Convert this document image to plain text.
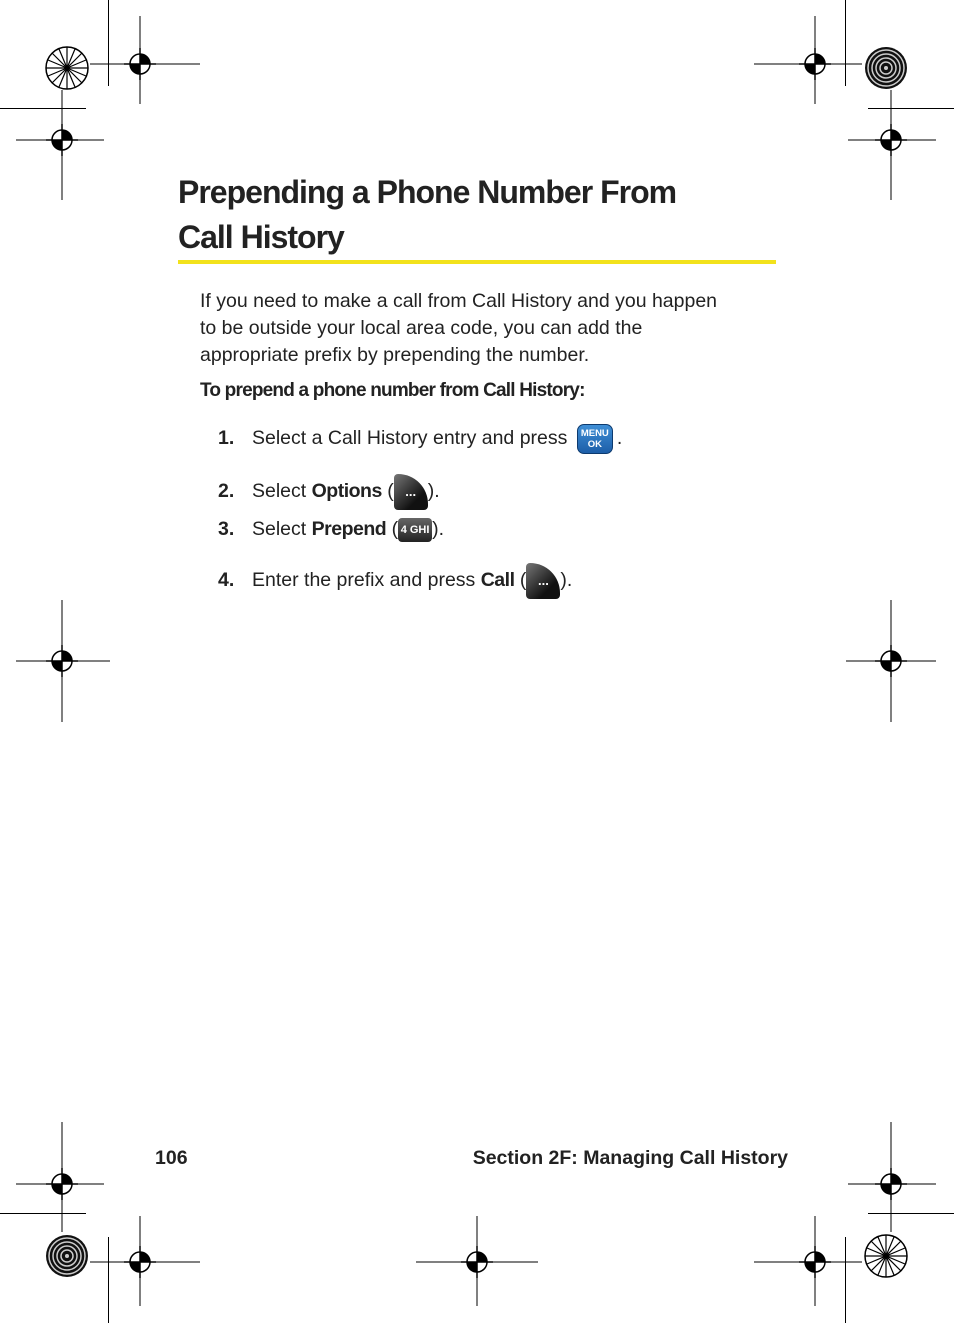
Prepending a Phone Number From
Call History
If you need to make a call from Call History and you happen
to be outside your local area code, you can add the
appropriate prefix by prepending the number.
To prepend a phone number from Call History:
1. Select a Call History entry and press MENU
OK .
2. Select Options ( ... ).
3. Select Prepend ( 4 GHI ).
4. Enter the prefix and press Call ( ... ).
106	Section 2F: Managing Call History
